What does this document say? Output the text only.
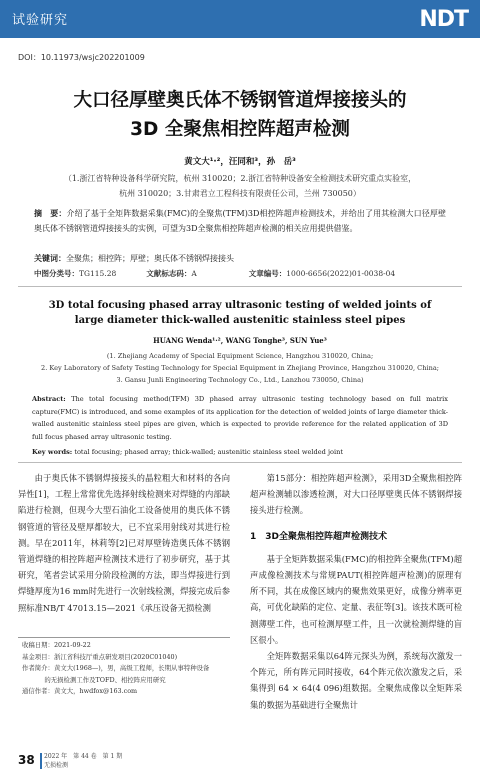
试验研究	NDT
DOI：10.11973/wsjc202201009
大口径厚壁奥氏体不锈钢管道焊接接头的
3D 全聚焦相控阵超声检测
黄文大¹·²，汪同和³，孙　岳³
（1.浙江省特种设备科学研究院，杭州 310020；2.浙江省特种设备安全检测技术研究重点实验室，
杭州 310020；3.甘肃君立工程科技有限责任公司，兰州 730050）
摘　要：介绍了基于全矩阵数据采集(FMC)的全聚焦(TFM)3D相控阵超声检测技术，并给出了用其检测大口径厚壁奥氏体不锈钢管道焊接接头的实例，可望为3D全聚焦相控阵超声检测的相关应用提供借鉴。
关键词：全聚焦；相控阵；厚壁；奥氏体不锈钢焊接接头
中图分类号：TG115.28	文献标志码：A	文章编号：1000-6656(2022)01-0038-04
3D total focusing phased array ultrasonic testing of welded joints of
large diameter thick-walled austenitic stainless steel pipes
HUANG Wenda¹·², WANG Tonghe³, SUN Yue³
(1. Zhejiang Academy of Special Equipment Science, Hangzhou 310020, China;
2. Key Laboratory of Safety Testing Technology for Special Equipment in Zhejiang Province, Hangzhou 310020, China;
3. Gansu Junli Engineering Technology Co., Ltd., Lanzhou 730050, China)
Abstract: The total focusing method(TFM) 3D phased array ultrasonic testing technology based on full matrix capture(FMC) is introduced, and some examples of its application for the detection of welded joints of large diameter thick-walled austenitic stainless steel pipes are given, which is expected to provide reference for the related application of 3D full focus phased array ultrasonic testing.
Key words: total focusing; phased array; thick-walled; austenitic stainless steel welded joint
由于奥氏体不锈钢焊接接头的晶粒粗大和材料的各向异性[1]，工程上常常优先选择射线检测来对焊缝的内部缺陷进行检测，但现今大型石油化工设备使用的奥氏体不锈钢管道的管径及壁厚都较大，已不宜采用射线对其进行检测。早在2011年，林莉等[2]已对厚壁铸造奥氏体不锈钢管道焊缝的相控阵超声检测技术进行了初步研究，基于其研究，笔者尝试采用分阶段检测的方法，即当焊接进行到焊缝厚度为16 mm时先进行一次射线检测，焊接完成后参照标准NB/T 47013.15—2021《承压设备无损检测

第15部分：相控阵超声检测》，采用3D全聚焦相控阵超声检测辅以渗透检测，对大口径厚壁奥氏体不锈钢焊接接头进行检测。

1　3D全聚焦相控阵超声检测技术

基于全矩阵数据采集(FMC)的相控阵全聚焦(TFM)超声成像检测技术与常规PAUT(相控阵超声检测)的原理有所不同，其在成像区域内的聚焦效果更好，成像分辨率更高，可优化缺陷的定位、定量、表征等[3]。该技术既可检测薄壁工件，也可检测厚壁工件，且一次就检测焊缝的盲区很小。

全矩阵数据采集以64阵元探头为例，系统每次激发一个阵元，所有阵元同时接收，64个阵元依次激发之后，采集得到 64 × 64(4 096)组数据。全聚焦成像以全矩阵采集的数据为基础进行全聚焦计

收稿日期：2021-09-22
基金项目：浙江省科技厅重点研发项目(2020C01040)
作者简介：黄文大(1968—)，男，高级工程师，长期从事特种设备
的无损检测工作及TOFD、相控阵应用研究
通信作者：黄文大，hwdfox@163.com
38 2022 年　第 44 卷　第 1 期
无损检测
